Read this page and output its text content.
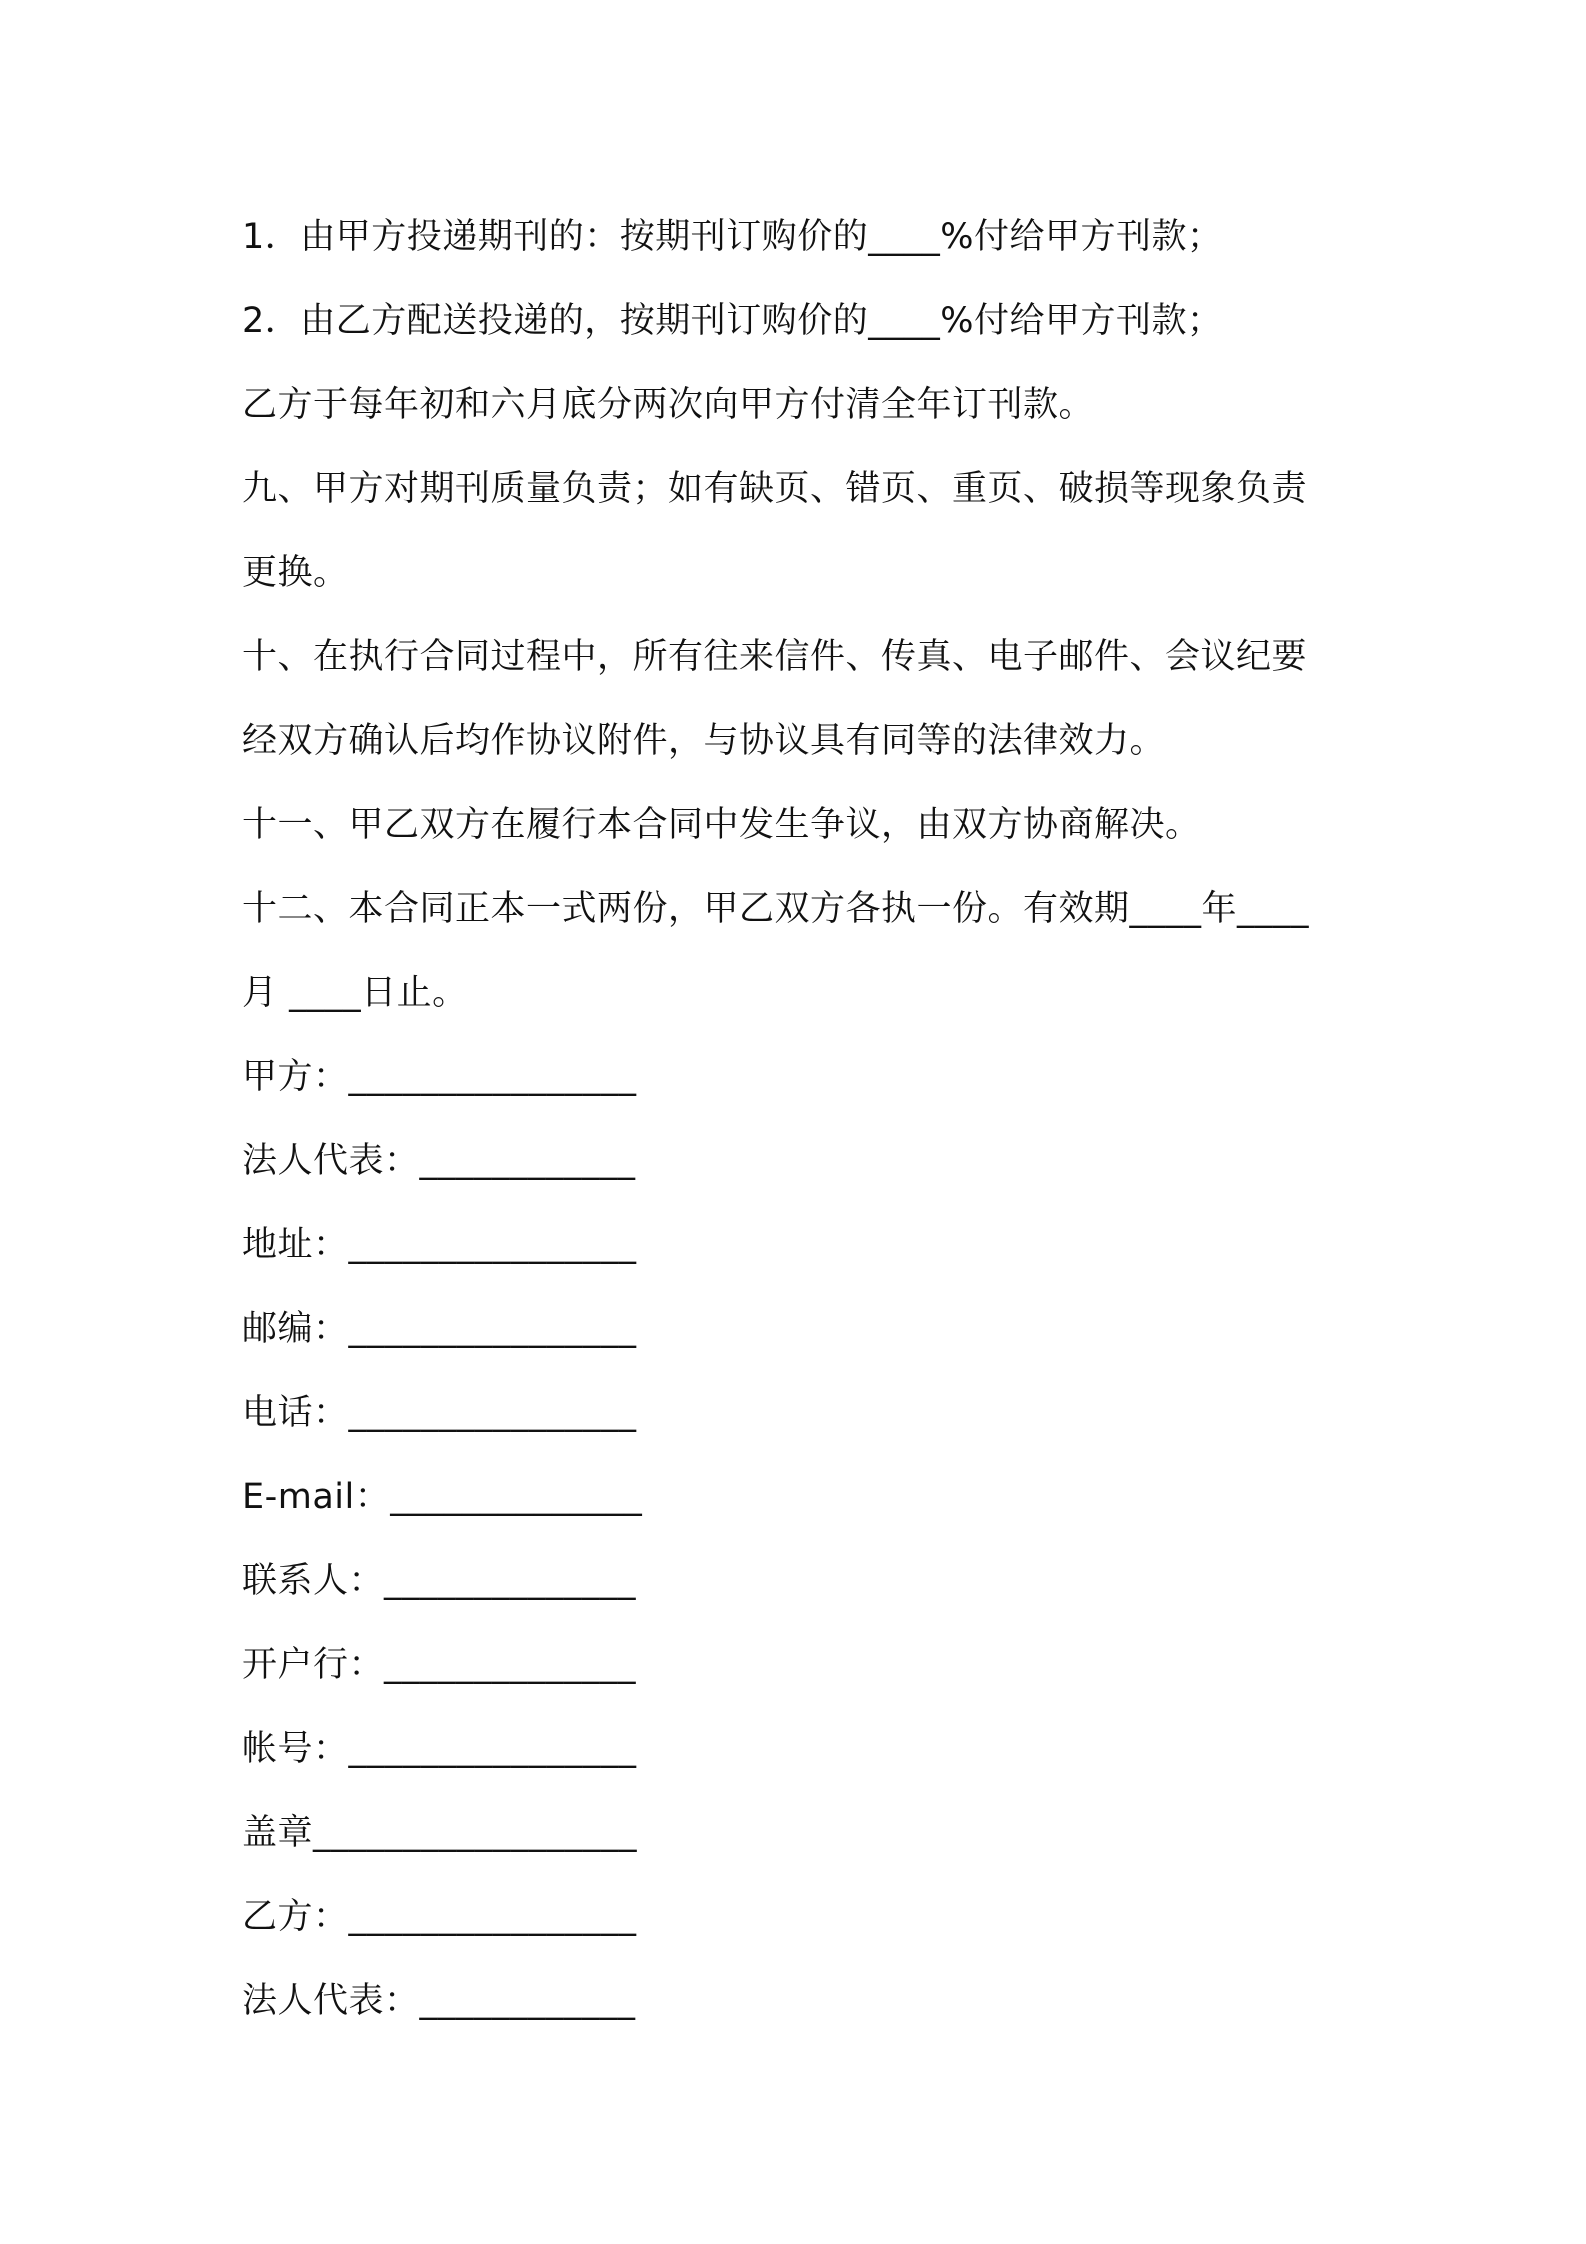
1．由甲方投递期刊的：按期刊订购价的____%付给甲方刊款；
2．由乙方配送投递的，按期刊订购价的____%付给甲方刊款；
乙方于每年初和六月底分两次向甲方付清全年订刊款。
九、甲方对期刊质量负责；如有缺页、错页、重页、破损等现象负责
更换。
十、在执行合同过程中，所有往来信件、传真、电子邮件、会议纪要
经双方确认后均作协议附件，与协议具有同等的法律效力。
十一、甲乙双方在履行本合同中发生争议，由双方协商解决。
十二、本合同正本一式两份，甲乙双方各执一份。有效期____年____
月 ____日止。
甲方：________________
法人代表：____________
地址：________________
邮编：________________
电话：________________
E-mail：______________
联系人：______________
开户行：______________
帐号：________________
盖章__________________
乙方：________________
法人代表：____________
